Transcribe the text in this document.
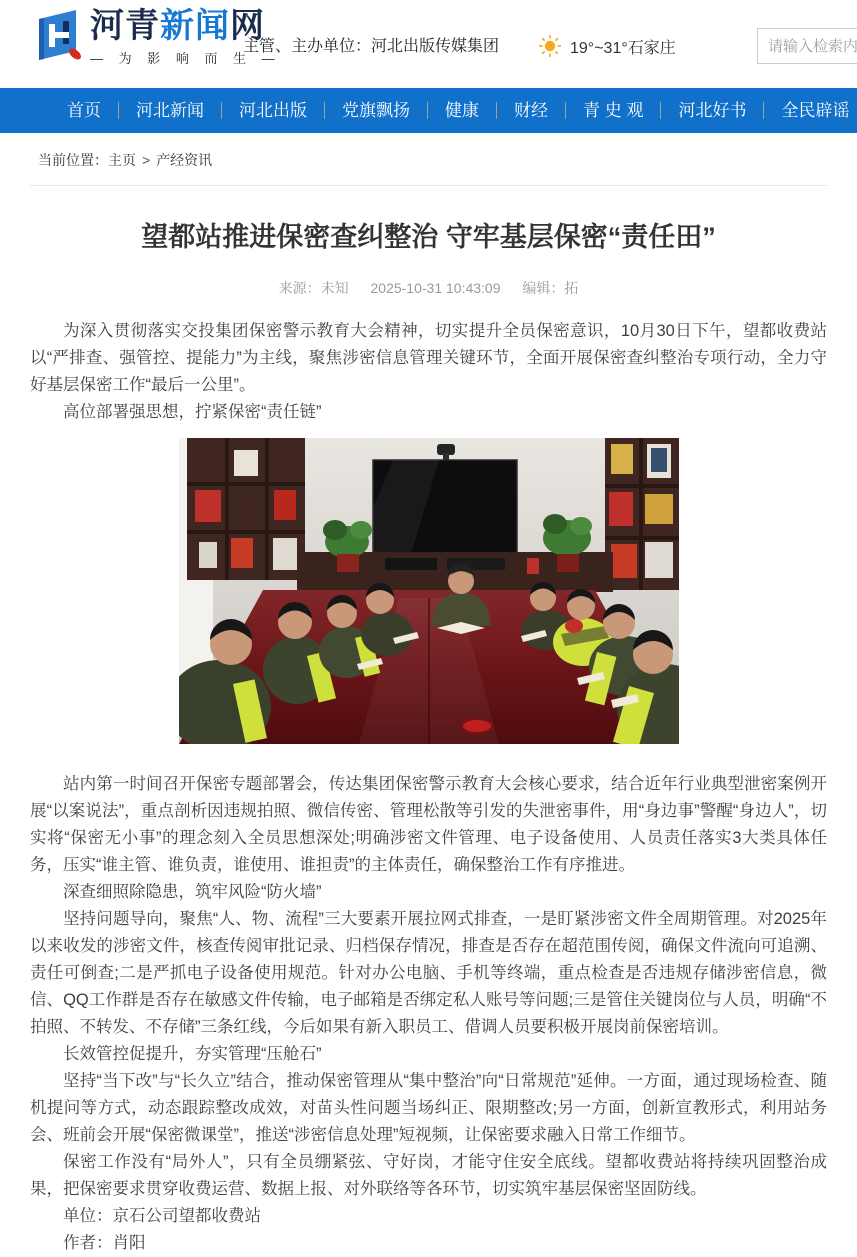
河青新闻网
— 为 影 响 而 生 —
主管、主办单位：河北出版传媒集团	19°~31°石家庄
请输入检索内容
首页	河北新闻	河北出版	党旗飘扬	健康	财经	青 史 观	河北好书	全民辟谣
当前位置：主页 > 产经资讯
望都站推进保密查纠整治 守牢基层保密“责任田”
来源：未知 2025-10-31 10:43:09 编辑：拓

为深入贯彻落实交投集团保密警示教育大会精神，切实提升全员保密意识，10月30日下午，望都收费站以“严排查、强管控、提能力”为主线，聚焦涉密信息管理关键环节，全面开展保密查纠整治专项行动，全力守好基层保密工作“最后一公里”。

高位部署强思想，拧紧保密“责任链”

站内第一时间召开保密专题部署会，传达集团保密警示教育大会核心要求，结合近年行业典型泄密案例开展“以案说法”，重点剖析因违规拍照、微信传密、管理松散等引发的失泄密事件，用“身边事”警醒“身边人”，切实将“保密无小事”的理念刻入全员思想深处;明确涉密文件管理、电子设备使用、人员责任落实3大类具体任务，压实“谁主管、谁负责，谁使用、谁担责”的主体责任，确保整治工作有序推进。

深查细照除隐患，筑牢风险“防火墙”

坚持问题导向，聚焦“人、物、流程”三大要素开展拉网式排查，一是盯紧涉密文件全周期管理。对2025年以来收发的涉密文件，核查传阅审批记录、归档保存情况，排查是否存在超范围传阅，确保文件流向可追溯、责任可倒查;二是严抓电子设备使用规范。针对办公电脑、手机等终端，重点检查是否违规存储涉密信息，微信、QQ工作群是否存在敏感文件传输，电子邮箱是否绑定私人账号等问题;三是管住关键岗位与人员，明确“不拍照、不转发、不存储”三条红线，今后如果有新入职员工、借调人员要积极开展岗前保密培训。

长效管控促提升，夯实管理“压舱石”

坚持“当下改”与“长久立”结合，推动保密管理从“集中整治”向“日常规范”延伸。一方面，通过现场检查、随机提问等方式，动态跟踪整改成效，对苗头性问题当场纠正、限期整改;另一方面，创新宣教形式，利用站务会、班前会开展“保密微课堂”，推送“涉密信息处理”短视频，让保密要求融入日常工作细节。

保密工作没有“局外人”，只有全员绷紧弦、守好岗，才能守住安全底线。望都收费站将持续巩固整治成果，把保密要求贯穿收费运营、数据上报、对外联络等各环节，切实筑牢基层保密坚固防线。

单位：京石公司望都收费站

作者：肖阳
